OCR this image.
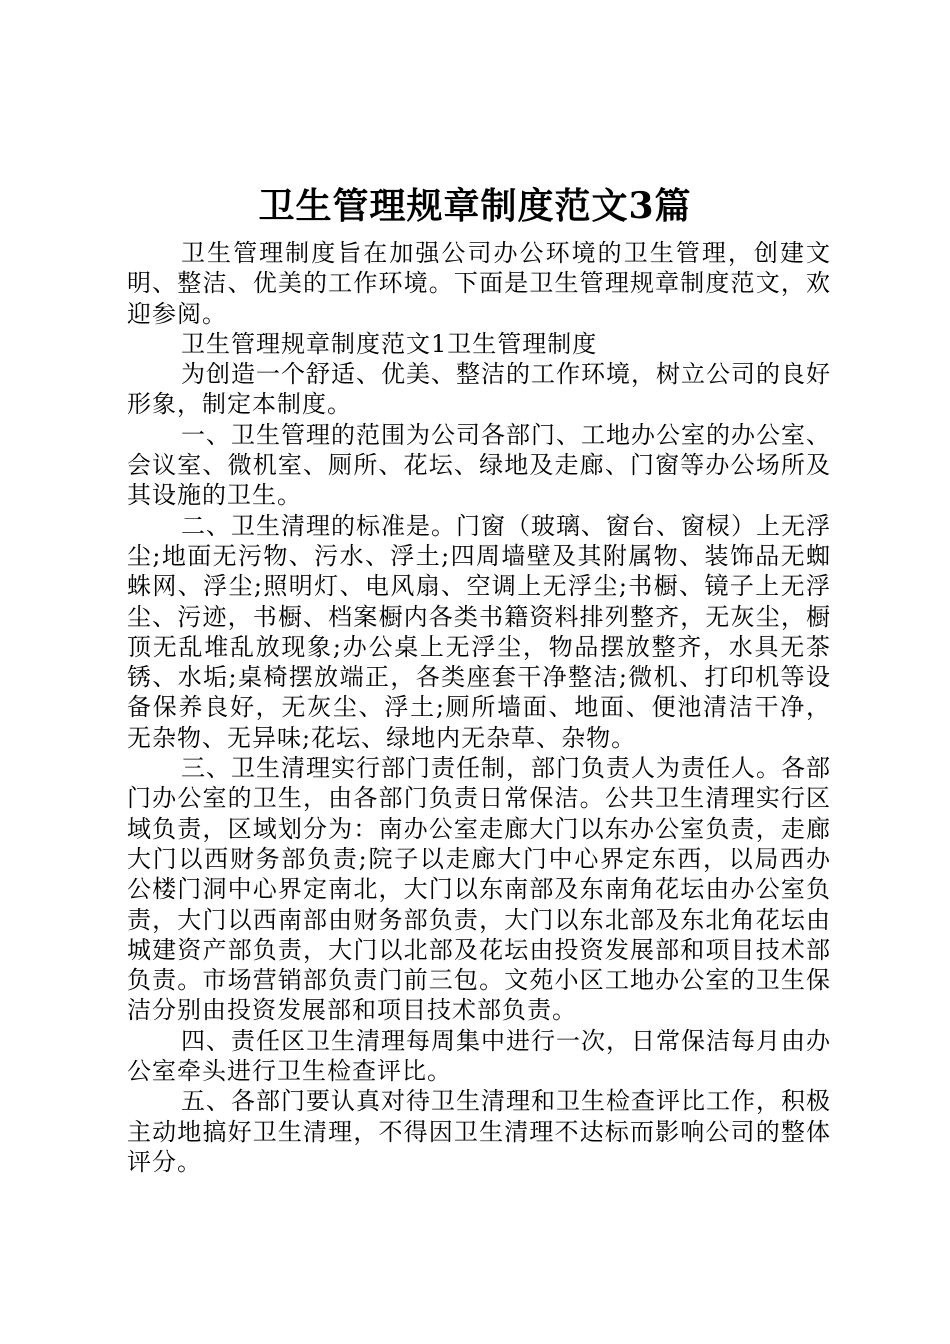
卫生管理规章制度范文3篇

卫生管理制度旨在加强公司办公环境的卫生管理，创建文明、整洁、优美的工作环境。下面是卫生管理规章制度范文，欢迎参阅。

卫生管理规章制度范文1卫生管理制度

为创造一个舒适、优美、整洁的工作环境，树立公司的良好形象，制定本制度。

一、卫生管理的范围为公司各部门、工地办公室的办公室、会议室、微机室、厕所、花坛、绿地及走廊、门窗等办公场所及其设施的卫生。

二、卫生清理的标准是。门窗（玻璃、窗台、窗棂）上无浮尘;地面无污物、污水、浮土;四周墙壁及其附属物、装饰品无蜘蛛网、浮尘;照明灯、电风扇、空调上无浮尘;书橱、镜子上无浮尘、污迹，书橱、档案橱内各类书籍资料排列整齐，无灰尘，橱顶无乱堆乱放现象;办公桌上无浮尘，物品摆放整齐，水具无茶锈、水垢;桌椅摆放端正，各类座套干净整洁;微机、打印机等设备保养良好，无灰尘、浮土;厕所墙面、地面、便池清洁干净，无杂物、无异味;花坛、绿地内无杂草、杂物。

三、卫生清理实行部门责任制，部门负责人为责任人。各部门办公室的卫生，由各部门负责日常保洁。公共卫生清理实行区域负责，区域划分为：南办公室走廊大门以东办公室负责，走廊大门以西财务部负责;院子以走廊大门中心界定东西，以局西办公楼门洞中心界定南北，大门以东南部及东南角花坛由办公室负责，大门以西南部由财务部负责，大门以东北部及东北角花坛由城建资产部负责，大门以北部及花坛由投资发展部和项目技术部负责。市场营销部负责门前三包。文苑小区工地办公室的卫生保洁分别由投资发展部和项目技术部负责。

四、责任区卫生清理每周集中进行一次，日常保洁每月由办公室牵头进行卫生检查评比。

五、各部门要认真对待卫生清理和卫生检查评比工作，积极主动地搞好卫生清理，不得因卫生清理不达标而影响公司的整体评分。
